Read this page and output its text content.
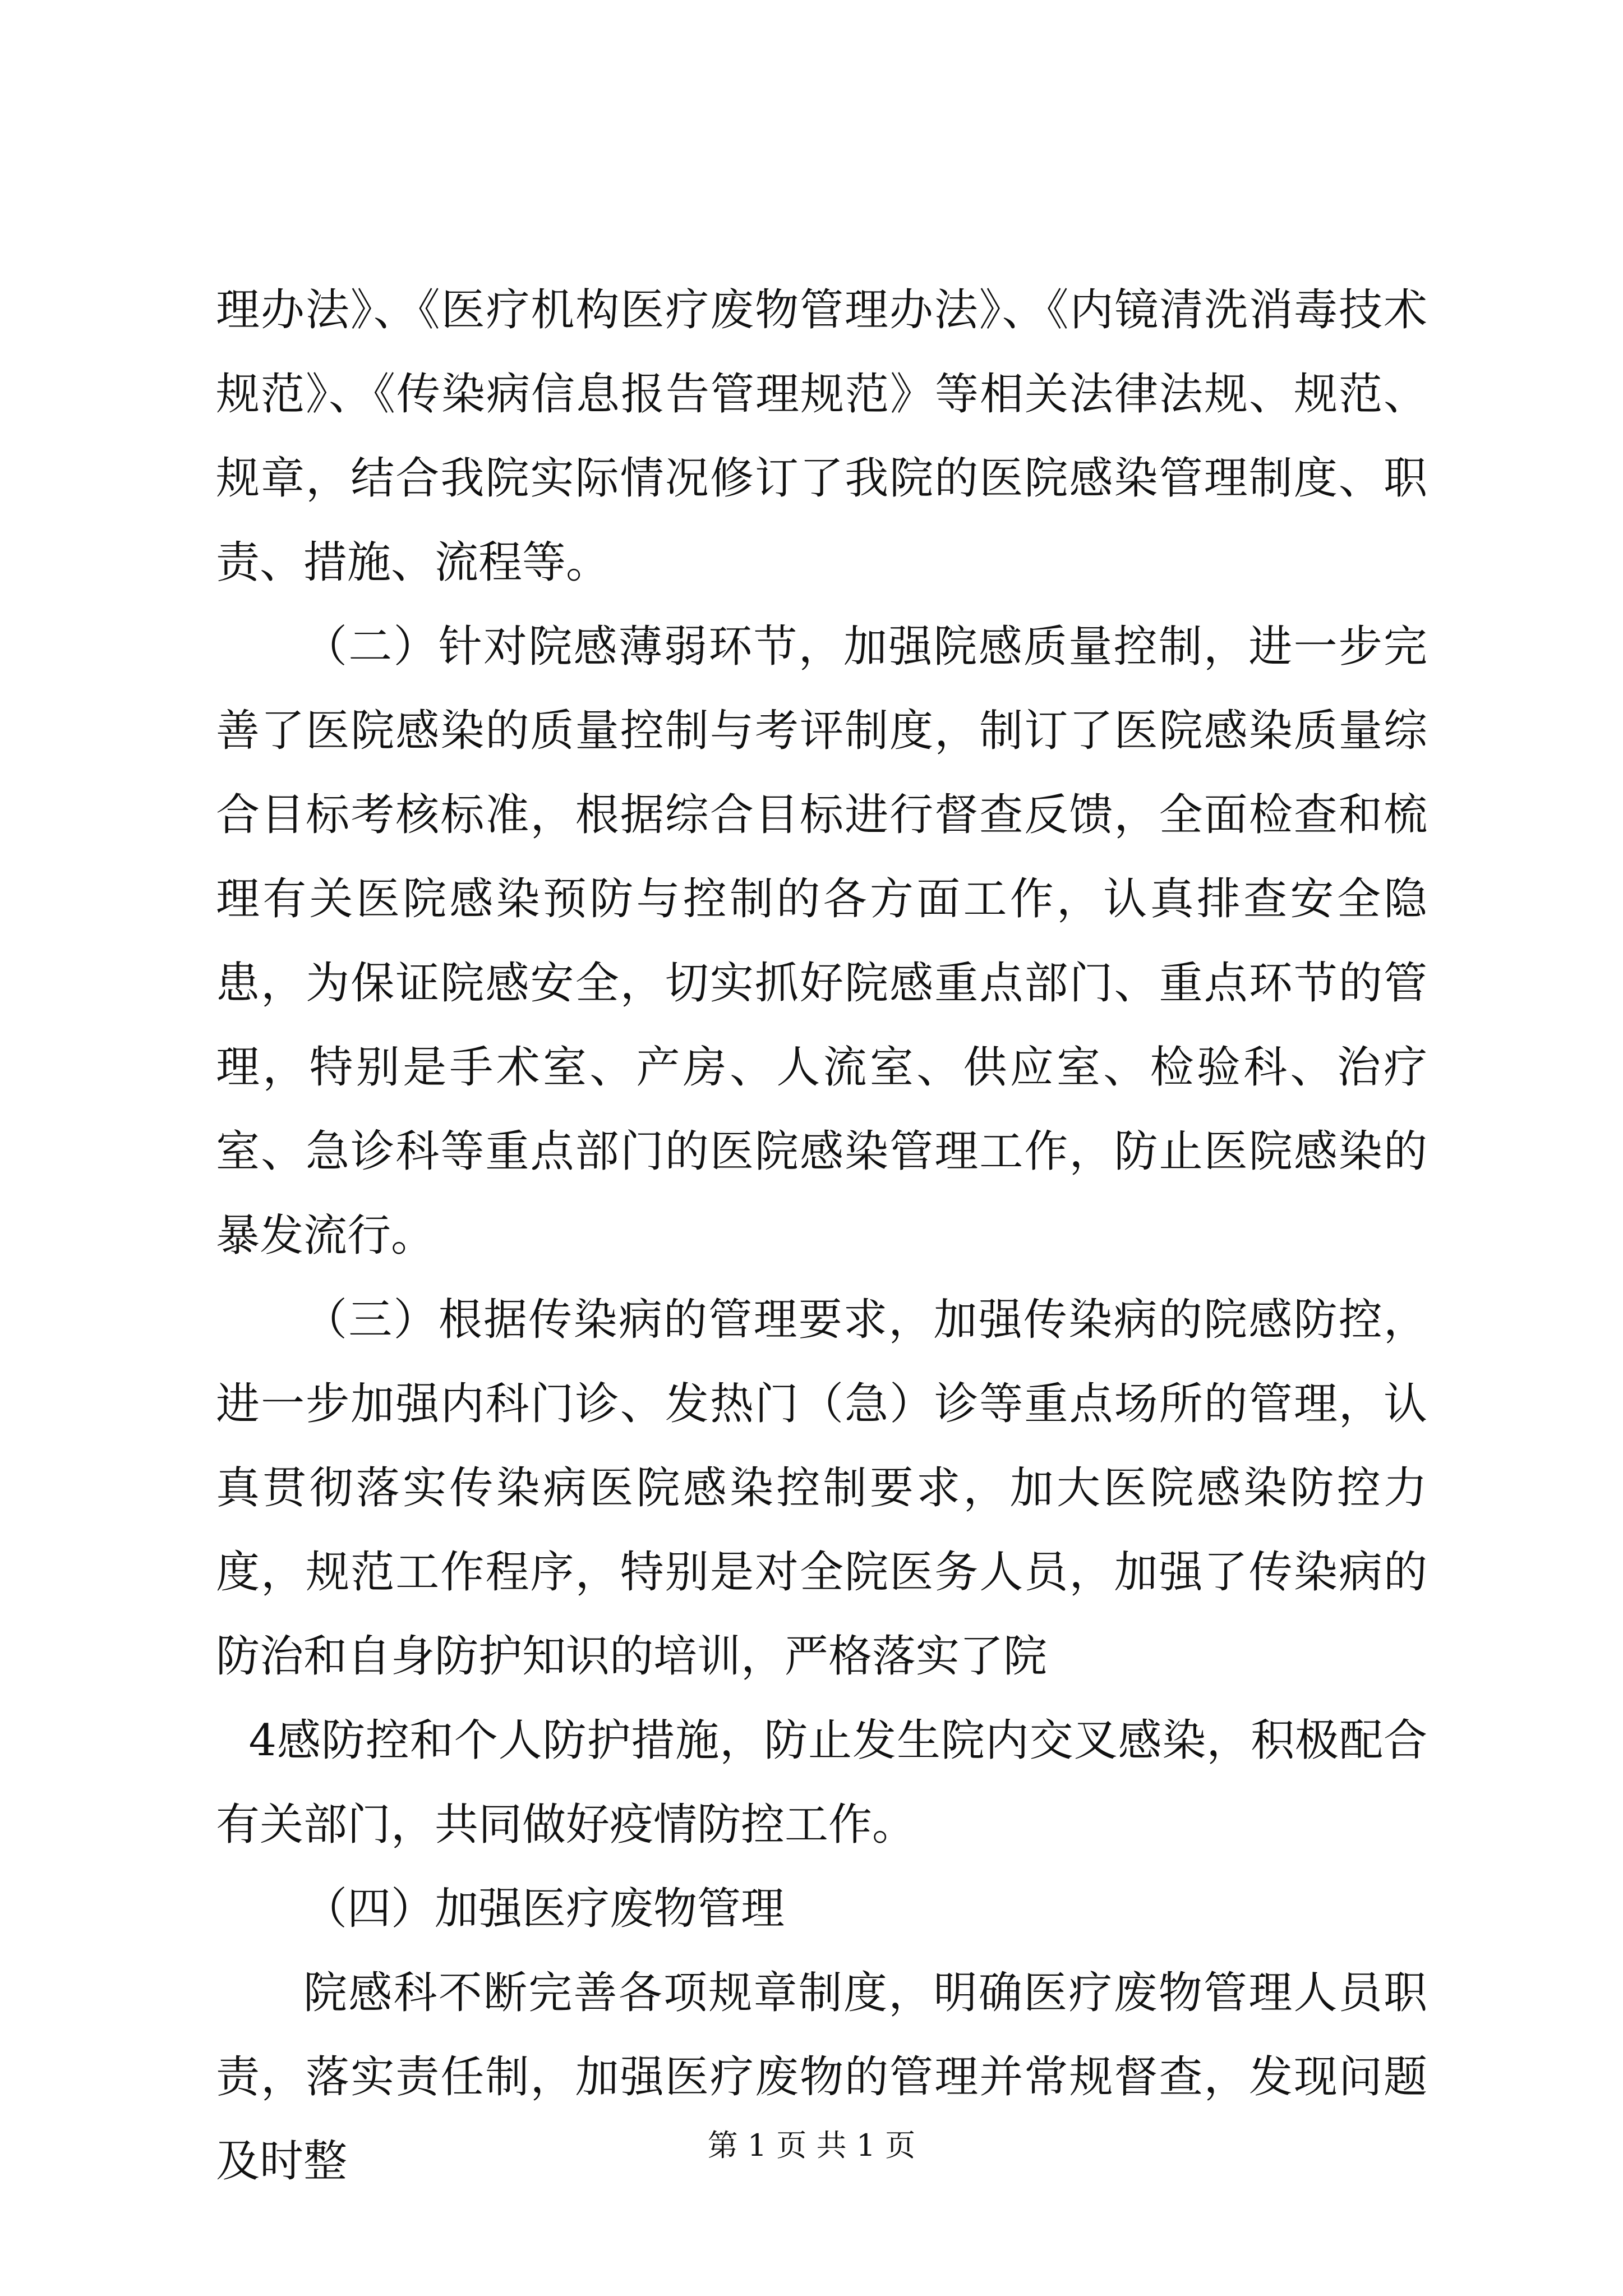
理办法》、《医疗机构医疗废物管理办法》、《内镜清洗消毒技术规范》、《传染病信息报告管理规范》等相关法律法规、规范、规章，结合我院实际情况修订了我院的医院感染管理制度、职责、措施、流程等。

（二）针对院感薄弱环节，加强院感质量控制，进一步完善了医院感染的质量控制与考评制度，制订了医院感染质量综合目标考核标准，根据综合目标进行督查反馈，全面检查和梳理有关医院感染预防与控制的各方面工作，认真排查安全隐患，为保证院感安全，切实抓好院感重点部门、重点环节的管理，特别是手术室、产房、人流室、供应室、检验科、治疗室、急诊科等重点部门的医院感染管理工作，防止医院感染的暴发流行。

（三）根据传染病的管理要求，加强传染病的院感防控，进一步加强内科门诊、发热门（急）诊等重点场所的管理，认真贯彻落实传染病医院感染控制要求，加大医院感染防控力度，规范工作程序，特别是对全院医务人员，加强了传染病的防治和自身防护知识的培训，严格落实了院

4感防控和个人防护措施，防止发生院内交叉感染，积极配合有关部门，共同做好疫情防控工作。

（四）加强医疗废物管理

院感科不断完善各项规章制度，明确医疗废物管理人员职责，落实责任制，加强医疗废物的管理并常规督查，发现问题及时整	第 1 页 共 1 页
